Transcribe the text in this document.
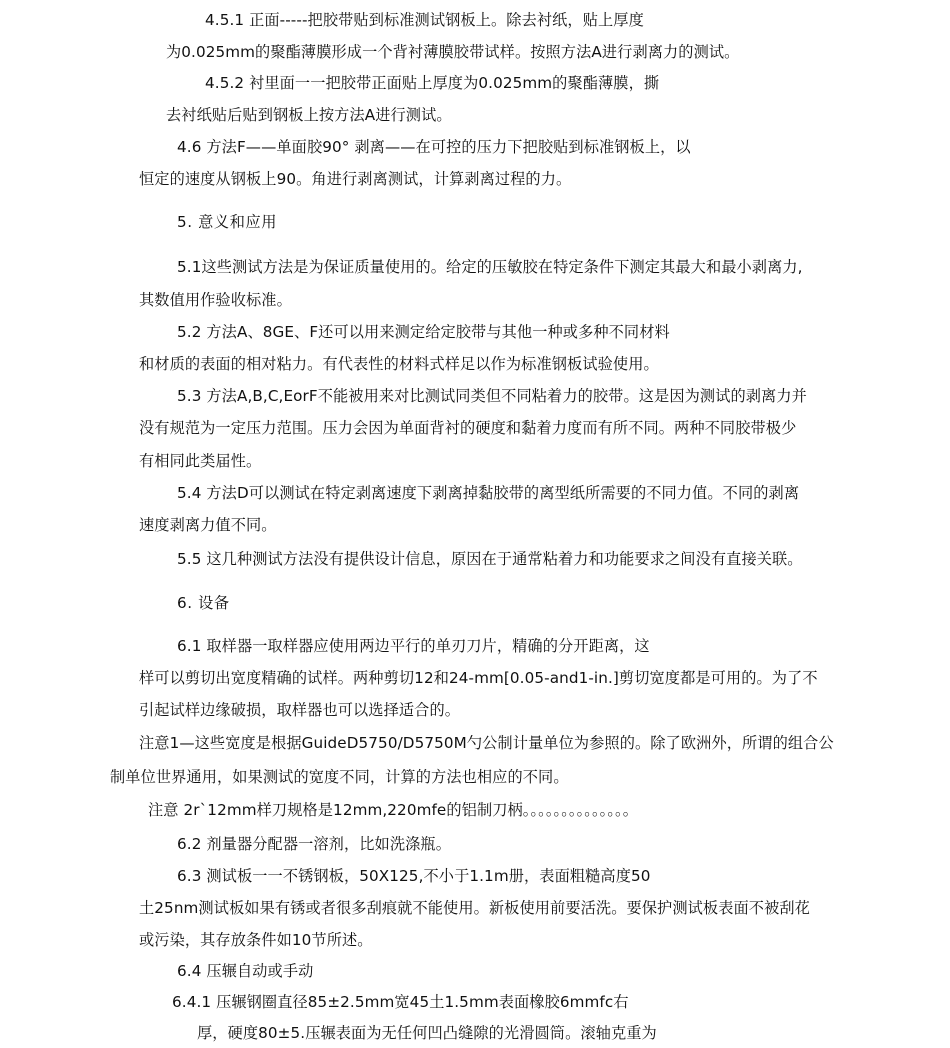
4.5.1 正面-----把胶带贴到标准测试钢板上。除去衬纸，贴上厚度
为0.025mm的聚酯薄膜形成一个背衬薄膜胶带试样。按照方法A进行剥离力的测试。
4.5.2 衬里面一一把胶带正面贴上厚度为0.025mm的聚酯薄膜，撕
去衬纸贴后贴到钢板上按方法A进行测试。
4.6 方法F——单面胶90° 剥离——在可控的压力下把胶贴到标准钢板上，以
恒定的速度从钢板上90。角进行剥离测试，计算剥离过程的力。
5. 意义和应用
5.1这些测试方法是为保证质量使用的。给定的压敏胶在特定条件下测定其最大和最小剥离力,
其数值用作验收标准。
5.2 方法A、8GE、F还可以用来测定给定胶带与其他一种或多种不同材料
和材质的表面的相对粘力。有代表性的材料式样足以作为标准钢板试验使用。
5.3 方法A,B,C,EorF不能被用来对比测试同类但不同粘着力的胶带。这是因为测试的剥离力并
没有规范为一定压力范围。压力会因为单面背衬的硬度和黏着力度而有所不同。两种不同胶带极少
有相同此类届性。
5.4 方法D可以测试在特定剥离速度下剥离掉黏胶带的离型纸所需要的不同力值。不同的剥离
速度剥离力值不同。
5.5 这几种测试方法没有提供设计信息，原因在于通常粘着力和功能要求之间没有直接关联。
6. 设备
6.1 取样器一取样器应使用两边平行的单刃刀片，精确的分开距离，这
样可以剪切出宽度精确的试样。两种剪切12和24-mm[0.05-and1-in.]剪切宽度都是可用的。为了不
引起试样边缘破损，取样器也可以选择适合的。
注意1—这些宽度是根据GuideD5750/D5750M勺公制计量单位为参照的。除了欧洲外，所谓的组合公
制单位世界通用，如果测试的宽度不同，计算的方法也相应的不同。
注意 2r`12mm样刀规格是12mm,220mfe的铝制刀柄。。。。。。。。。。。。。。
6.2 剂量器分配器一溶剂，比如洗涤瓶。
6.3 测试板一一不锈钢板，50X125,不小于1.1m册，表面粗糙高度50
土25nm测试板如果有锈或者很多刮痕就不能使用。新板使用前要活洗。要保护测试板表面不被刮花
或污染，其存放条件如10节所述。
6.4 压辗自动或手动
6.4.1 压辗钢圈直径85±2.5mm宽45土1.5mm表面橡胶6mmfc右
厚，硬度80±5.压辗表面为无任何凹凸缝隙的光滑圆筒。滚轴克重为
